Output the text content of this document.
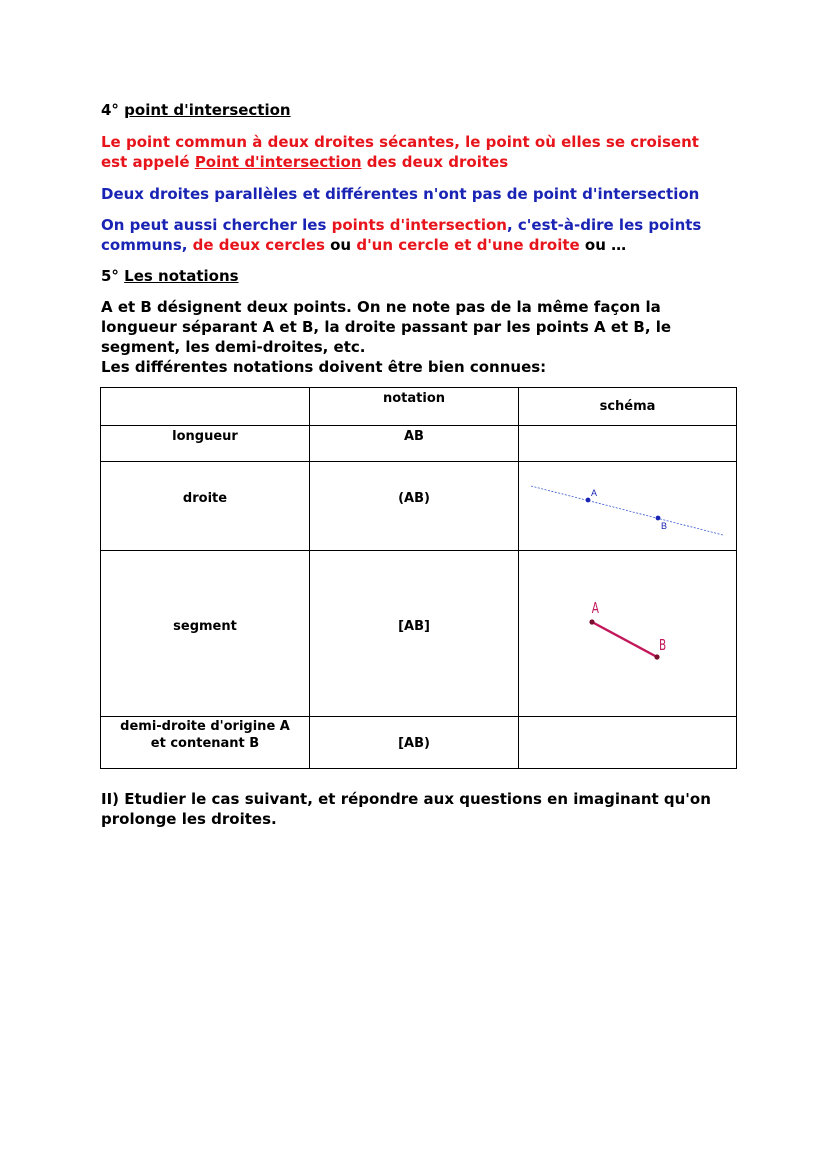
4° point d'intersection
Le point commun à deux droites sécantes, le point où elles se croisent
est appelé Point d'intersection des deux droites
Deux droites parallèles et différentes n'ont pas de point d'intersection
On peut aussi chercher les points d'intersection, c'est-à-dire les points
communs, de deux cercles ou d'un cercle et d'une droite ou …
5° Les notations
A et B désignent deux points. On ne note pas de la même façon la
longueur séparant A et B, la droite passant par les points A et B, le
segment, les demi-droites, etc.
Les différentes notations doivent être bien connues:

	notation	schéma

longueur	AB	

droite	(AB)	A
B

segment	[AB]	A
B

demi-droite d'origine A
et contenant B	[AB)	

II) Etudier le cas suivant, et répondre aux questions en imaginant qu'on
prolonge les droites.
